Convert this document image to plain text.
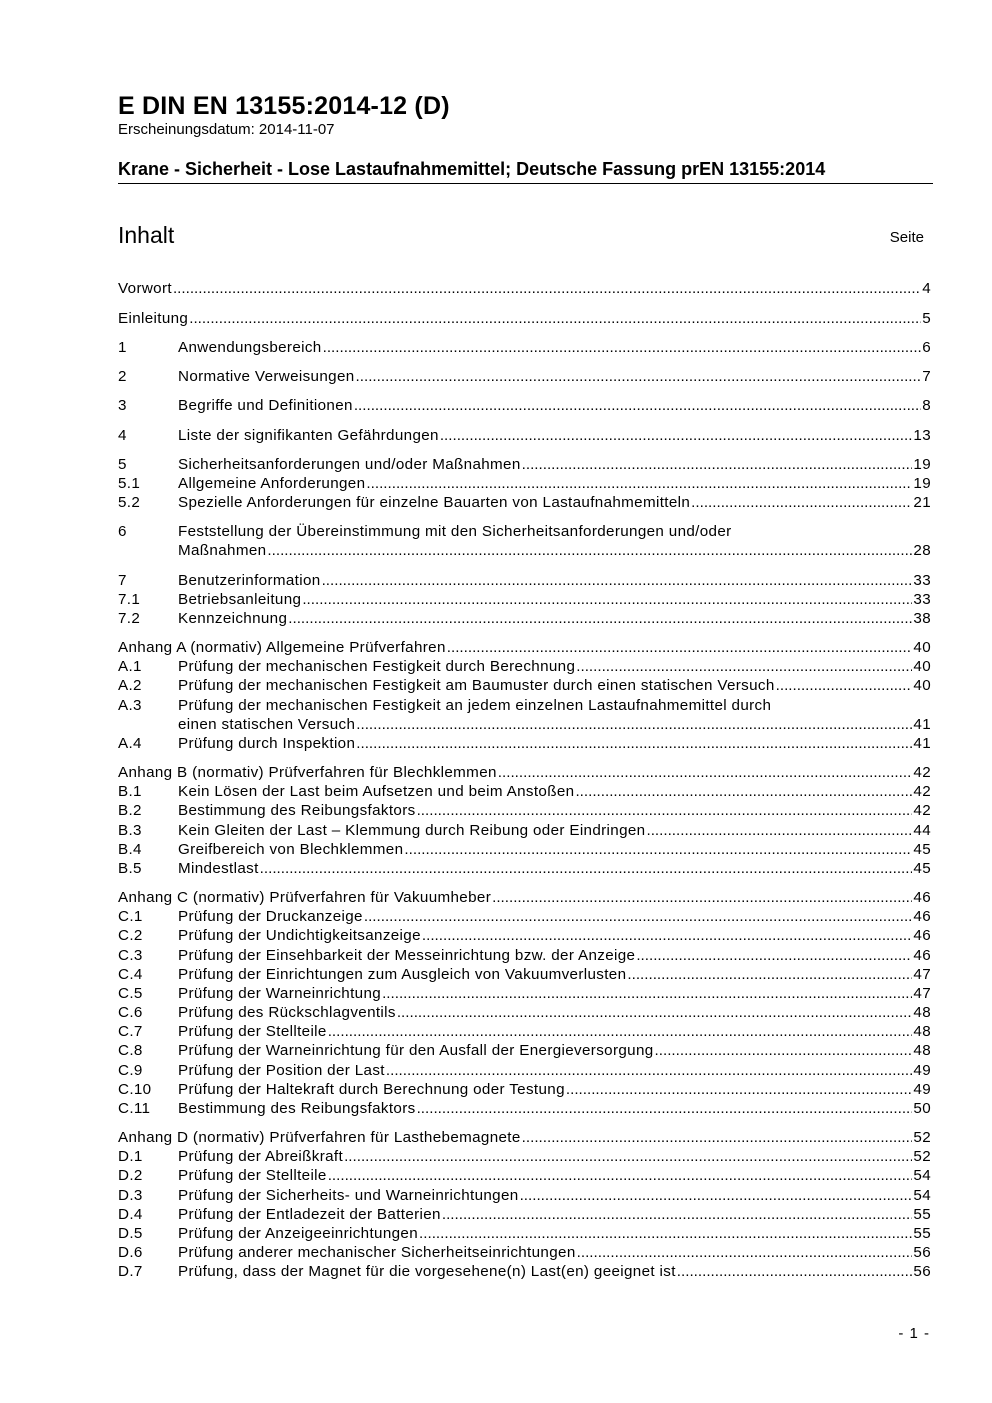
E DIN EN 13155:2014-12 (D)
Erscheinungsdatum: 2014-11-07
Krane - Sicherheit - Lose Lastaufnahmemittel; Deutsche Fassung prEN 13155:2014
Inhalt	Seite
Vorwort .....	4
Einleitung .....	5
1	Anwendungsbereich .....	6
2	Normative Verweisungen .....	7
3	Begriffe und Definitionen .....	8
4	Liste der signifikanten Gefährdungen .....	13
5	Sicherheitsanforderungen und/oder Maßnahmen .....	19
5.1	Allgemeine Anforderungen .....	19
5.2	Spezielle Anforderungen für einzelne Bauarten von Lastaufnahmemitteln .....	21
6	Feststellung der Übereinstimmung mit den Sicherheitsanforderungen und/oder
Maßnahmen .....	28
7	Benutzerinformation .....	33
7.1	Betriebsanleitung .....	33
7.2	Kennzeichnung .....	38
Anhang A (normativ) Allgemeine Prüfverfahren .....	40
A.1	Prüfung der mechanischen Festigkeit durch Berechnung .....	40
A.2	Prüfung der mechanischen Festigkeit am Baumuster durch einen statischen Versuch .....	40
A.3	Prüfung der mechanischen Festigkeit an jedem einzelnen Lastaufnahmemittel durch
einen statischen Versuch .....	41
A.4	Prüfung durch Inspektion .....	41
Anhang B (normativ) Prüfverfahren für Blechklemmen .....	42
B.1	Kein Lösen der Last beim Aufsetzen und beim Anstoßen .....	42
B.2	Bestimmung des Reibungsfaktors .....	42
B.3	Kein Gleiten der Last – Klemmung durch Reibung oder Eindringen .....	44
B.4	Greifbereich von Blechklemmen .....	45
B.5	Mindestlast .....	45
Anhang C (normativ) Prüfverfahren für Vakuumheber .....	46
C.1	Prüfung der Druckanzeige .....	46
C.2	Prüfung der Undichtigkeitsanzeige .....	46
C.3	Prüfung der Einsehbarkeit der Messeinrichtung bzw. der Anzeige .....	46
C.4	Prüfung der Einrichtungen zum Ausgleich von Vakuumverlusten .....	47
C.5	Prüfung der Warneinrichtung .....	47
C.6	Prüfung des Rückschlagventils .....	48
C.7	Prüfung der Stellteile .....	48
C.8	Prüfung der Warneinrichtung für den Ausfall der Energieversorgung .....	48
C.9	Prüfung der Position der Last .....	49
C.10	Prüfung der Haltekraft durch Berechnung oder Testung .....	49
C.11	Bestimmung des Reibungsfaktors .....	50
Anhang D (normativ) Prüfverfahren für Lasthebemagnete .....	52
D.1	Prüfung der Abreißkraft .....	52
D.2	Prüfung der Stellteile .....	54
D.3	Prüfung der Sicherheits- und Warneinrichtungen .....	54
D.4	Prüfung der Entladezeit der Batterien .....	55
D.5	Prüfung der Anzeigeeinrichtungen .....	55
D.6	Prüfung anderer mechanischer Sicherheitseinrichtungen .....	56
D.7	Prüfung, dass der Magnet für die vorgesehene(n) Last(en) geeignet ist .....	56
- 1 -
